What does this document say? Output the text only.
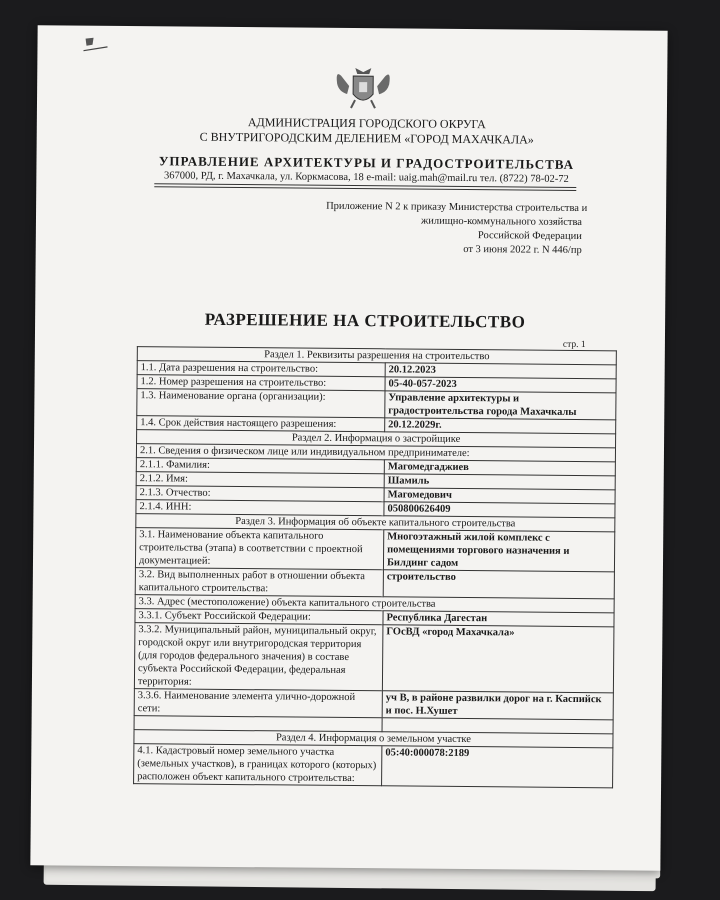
АДМИНИСТРАЦИЯ ГОРОДСКОГО ОКРУГА
С ВНУТРИГОРОДСКИМ ДЕЛЕНИЕМ «ГОРОД МАХАЧКАЛА»
УПРАВЛЕНИЕ АРХИТЕКТУРЫ И ГРАДОСТРОИТЕЛЬСТВА
367000, РД, г. Махачкала, ул. Коркмасова, 18 e-mail: uaig.mah@mail.ru тел. (8722) 78-02-72
Приложение N 2 к приказу Министерства строительства и
жилищно-коммунального хозяйства
Российской Федерации
от 3 июня 2022 г. N 446/пр
РАЗРЕШЕНИЕ НА СТРОИТЕЛЬСТВО
стр. 1
Раздел 1. Реквизиты разрешения на строительство	
1.1. Дата разрешения на строительство:	20.12.2023
1.2. Номер разрешения на строительство:	05-40-057-2023
1.3. Наименование органа (организации):	Управление архитектуры и градостроительства города Махачкалы
1.4. Срок действия настоящего разрешения:	20.12.2029г.
Раздел 2. Информация о застройщике	
2.1. Сведения о физическом лице или индивидуальном предпринимателе:	
2.1.1. Фамилия:	Магомедгаджиев
2.1.2. Имя:	Шамиль
2.1.3. Отчество:	Магомедович
2.1.4. ИНН:	050800626409
Раздел 3. Информация об объекте капитального строительства	
3.1. Наименование объекта капитального строительства (этапа) в соответствии с проектной документацией:	Многоэтажный жилой комплекс с помещениями торгового назначения и Билдинг садом
3.2. Вид выполненных работ в отношении объекта капитального строительства:	строительство
3.3. Адрес (местоположение) объекта капитального строительства	
3.3.1. Субъект Российской Федерации:	Республика Дагестан
3.3.2. Муниципальный район, муниципальный округ, городской округ или внутригородская территория (для городов федерального значения) в составе субъекта Российской Федерации, федеральная территория:	ГОсВД «город Махачкала»
3.3.6. Наименование элемента улично-дорожной сети:	уч В, в районе развилки дорог на г. Каспийск и пос. Н.Хушет

Раздел 4. Информация о земельном участке	
4.1. Кадастровый номер земельного участка (земельных участков), в границах которого (которых) расположен объект капитального строительства:	05:40:000078:2189
